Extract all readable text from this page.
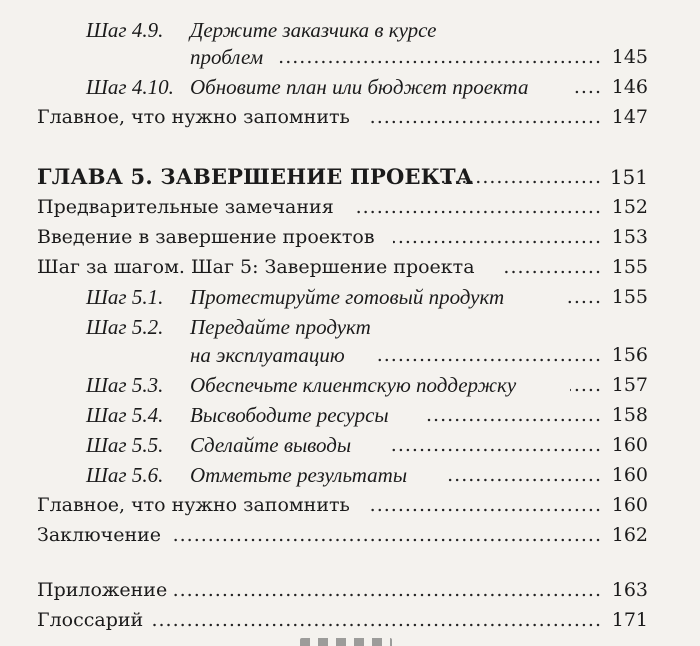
Шаг 4.9. Держите заказчика в курсе
проблем .....	145
Шаг 4.10. Обновите план или бюджет проекта .....	146
Главное, что нужно запомнить .....	147
ГЛАВА 5. ЗАВЕРШЕНИЕ ПРОЕКТА .....	151
Предварительные замечания .....	152
Введение в завершение проектов .....	153
Шаг за шагом. Шаг 5: Завершение проекта .....	155
Шаг 5.1. Протестируйте готовый продукт .....	155
Шаг 5.2. Передайте продукт
на эксплуатацию .....	156
Шаг 5.3. Обеспечьте клиентскую поддержку .....	157
Шаг 5.4. Высвободите ресурсы .....	158
Шаг 5.5. Сделайте выводы .....	160
Шаг 5.6. Отметьте результаты .....	160
Главное, что нужно запомнить .....	160
Заключение .....	162
Приложение .....	163
Глоссарий .....	171
